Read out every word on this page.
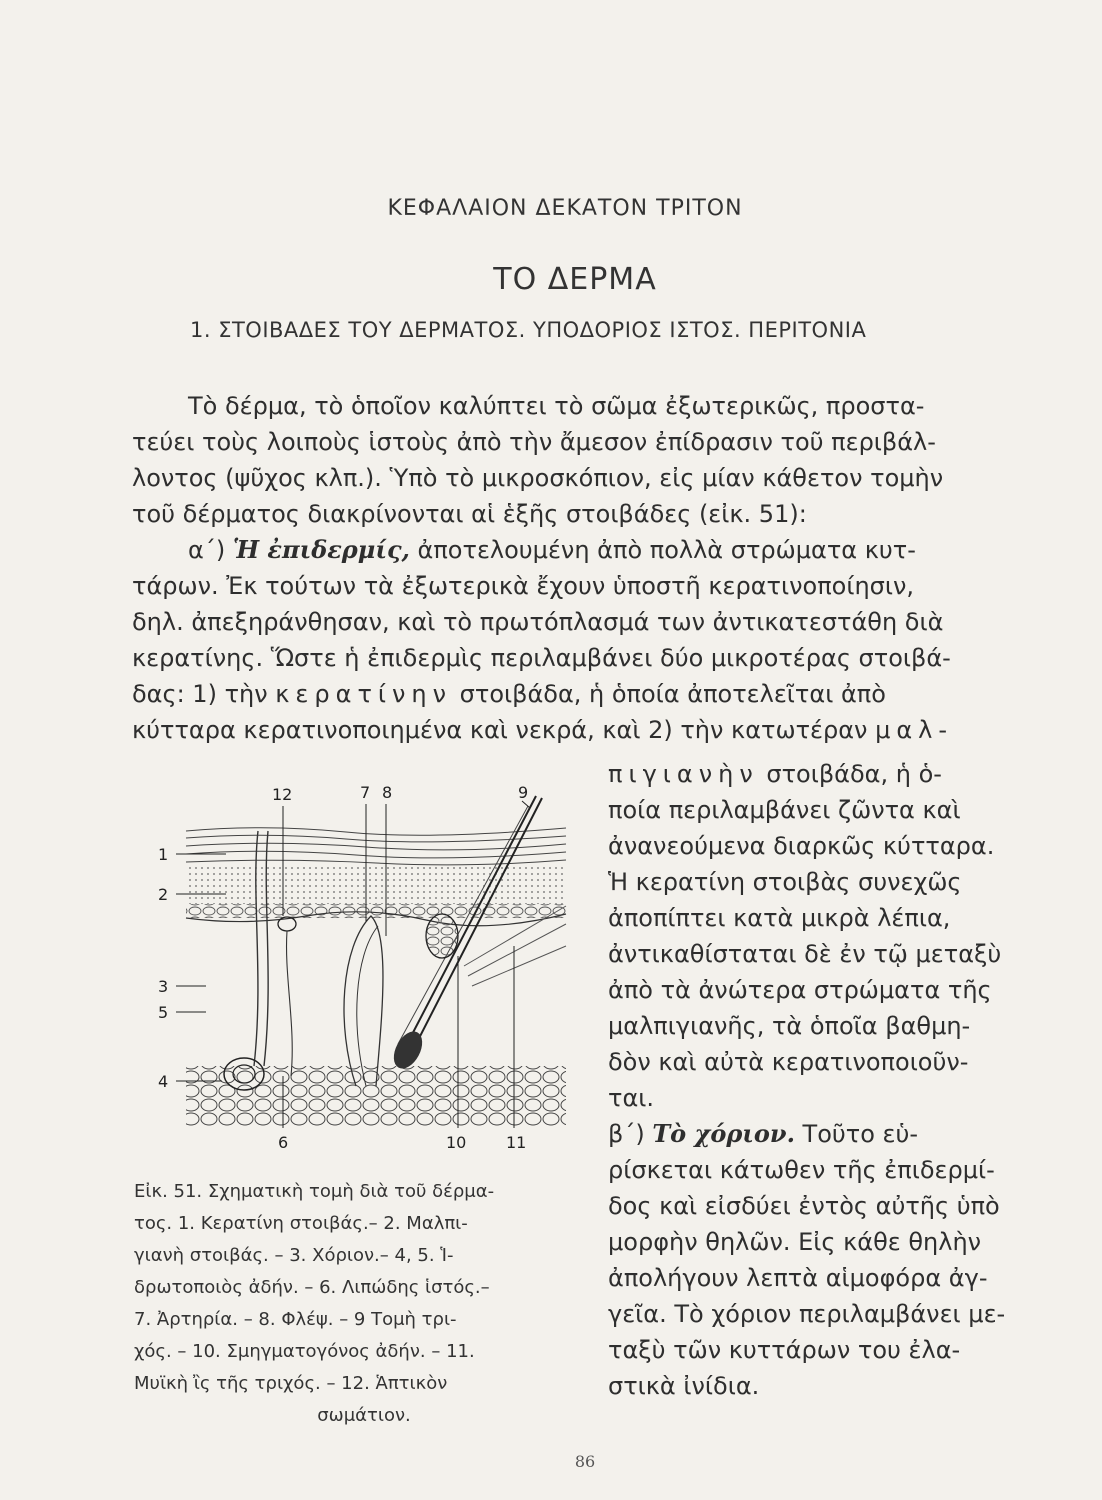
ΚΕΦΑΛΑΙΟΝ ΔΕΚΑΤΟΝ ΤΡΙΤΟΝ
ΤΟ ΔΕΡΜΑ
1. ΣΤΟΙΒΑΔΕΣ ΤΟΥ ΔΕΡΜΑΤΟΣ. ΥΠΟΔΟΡΙΟΣ ΙΣΤΟΣ. ΠΕΡΙΤΟΝΙΑ
Τὸ δέρμα, τὸ ὁποῖον καλύπτει τὸ σῶμα ἐξωτερικῶς, προστα-
τεύει τοὺς λοιποὺς ἱστοὺς ἀπὸ τὴν ἄμεσον ἐπίδρασιν τοῦ περιβάλ-
λοντος (ψῦχος κλπ.). Ὑπὸ τὸ μικροσκόπιον, εἰς μίαν κάθετον τομὴν
τοῦ δέρματος διακρίνονται αἱ ἑξῆς στοιβάδες (εἰκ. 51):
α΄) Ἡ ἐπιδερμίς, ἀποτελουμένη ἀπὸ πολλὰ στρώματα κυτ-
τάρων. Ἐκ τούτων τὰ ἐξωτερικὰ ἔχουν ὑποστῆ κερατινοποίησιν,
δηλ. ἀπεξηράνθησαν, καὶ τὸ πρωτόπλασμά των ἀντικατεστάθη διὰ
κερατίνης. Ὥστε ἡ ἐπιδερμὶς περιλαμβάνει δύο μικροτέρας στοιβά-
δας: 1) τὴν κερατίνην στοιβάδα, ἡ ὁποία ἀποτελεῖται ἀπὸ
κύτταρα κερατινοποιημένα καὶ νεκρά, καὶ 2) τὴν κατωτέραν μαλ-
πιγιανὴν στοιβάδα, ἡ ὁ-
ποία περιλαμβάνει ζῶντα καὶ
ἀνανεούμενα διαρκῶς κύτταρα.
Ἡ κερατίνη στοιβὰς συνεχῶς
ἀποπίπτει κατὰ μικρὰ λέπια,
ἀντικαθίσταται δὲ ἐν τῷ μεταξὺ
ἀπὸ τὰ ἀνώτερα στρώματα τῆς
μαλπιγιανῆς, τὰ ὁποῖα βαθμη-
δὸν καὶ αὐτὰ κερατινοποιοῦν-
ται.
β΄) Τὸ χόριον. Τοῦτο εὑ-
ρίσκεται κάτωθεν τῆς ἐπιδερμί-
δος καὶ εἰσδύει ἐντὸς αὐτῆς ὑπὸ
μορφὴν θηλῶν. Εἰς κάθε θηλὴν
ἀπολήγουν λεπτὰ αἱμοφόρα ἀγ-
γεῖα. Τὸ χόριον περιλαμβάνει με-
ταξὺ τῶν κυττάρων του ἐλα-
στικὰ ἰνίδια.
1
2
3
5
4
12	7 8	9
6	10 11
Εἰκ. 51. Σχηματικὴ τομὴ διὰ τοῦ δέρμα-
τος. 1. Κερατίνη στοιβάς.– 2. Μαλπι-
γιανὴ στοιβάς. – 3. Χόριον.– 4, 5. Ἱ-
δρωτοποιὸς ἀδήν. – 6. Λιπώδης ἱστός.–
7. Ἀρτηρία. – 8. Φλέψ. – 9 Τομὴ τρι-
χός. – 10. Σμηγματογόνος ἀδήν. – 11.
Μυϊκὴ ἲς τῆς τριχός. – 12. Ἁπτικὸν
σωμάτιον.
86
